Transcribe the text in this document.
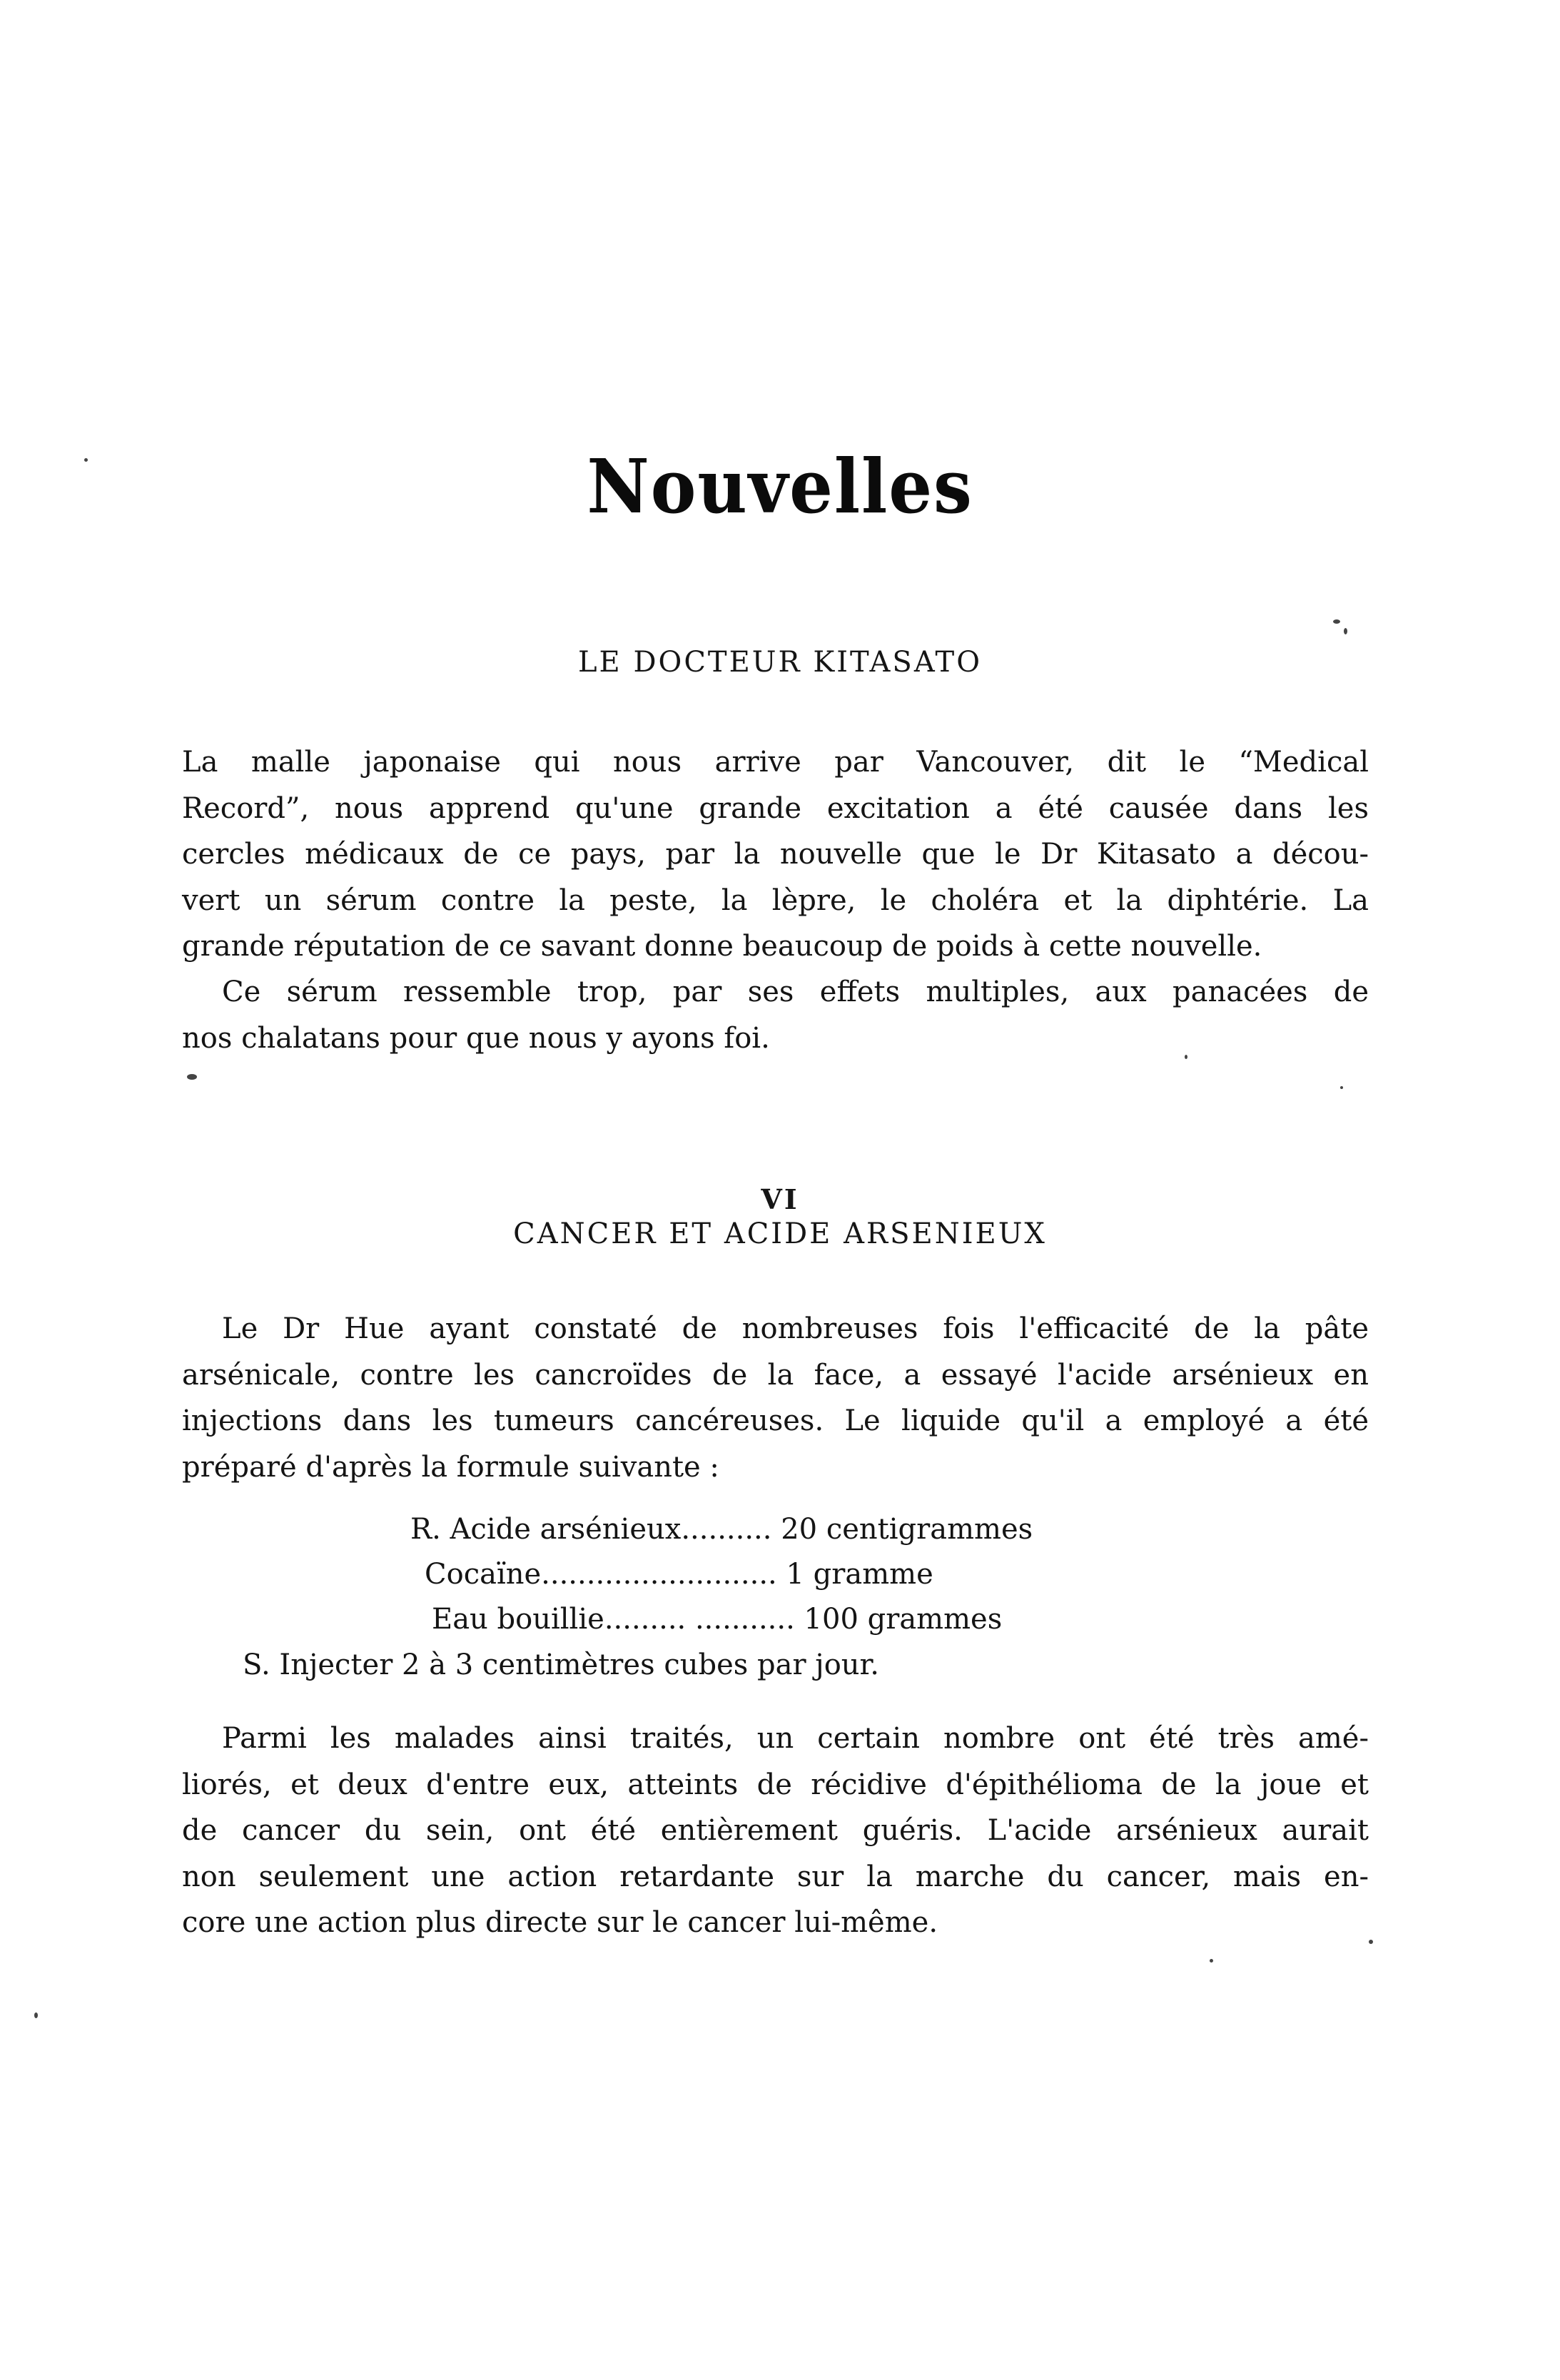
Nouvelles
LE DOCTEUR KITASATO
La malle japonaise qui nous arrive par Vancouver, dit le “Medical
Record”, nous apprend qu'une grande excitation a été causée dans les
cercles médicaux de ce pays, par la nouvelle que le Dr Kitasato a décou-
vert un sérum contre la peste, la lèpre, le choléra et la diphtérie. La
grande réputation de ce savant donne beaucoup de poids à cette nouvelle.
Ce sérum ressemble trop, par ses effets multiples, aux panacées de
nos chalatans pour que nous y ayons foi.
VI
CANCER ET ACIDE ARSENIEUX
Le Dr Hue ayant constaté de nombreuses fois l'efficacité de la pâte
arsénicale, contre les cancroïdes de la face, a essayé l'acide arsénieux en
injections dans les tumeurs cancéreuses. Le liquide qu'il a employé a été
préparé d'après la formule suivante :
R. Acide arsénieux.......... 20 centigrammes
Cocaïne.......................... 1 gramme
Eau bouillie......... ........... 100 grammes
S. Injecter 2 à 3 centimètres cubes par jour.
Parmi les malades ainsi traités, un certain nombre ont été très amé-
liorés, et deux d'entre eux, atteints de récidive d'épithélioma de la joue et
de cancer du sein, ont été entièrement guéris. L'acide arsénieux aurait
non seulement une action retardante sur la marche du cancer, mais en-
core une action plus directe sur le cancer lui-même.
